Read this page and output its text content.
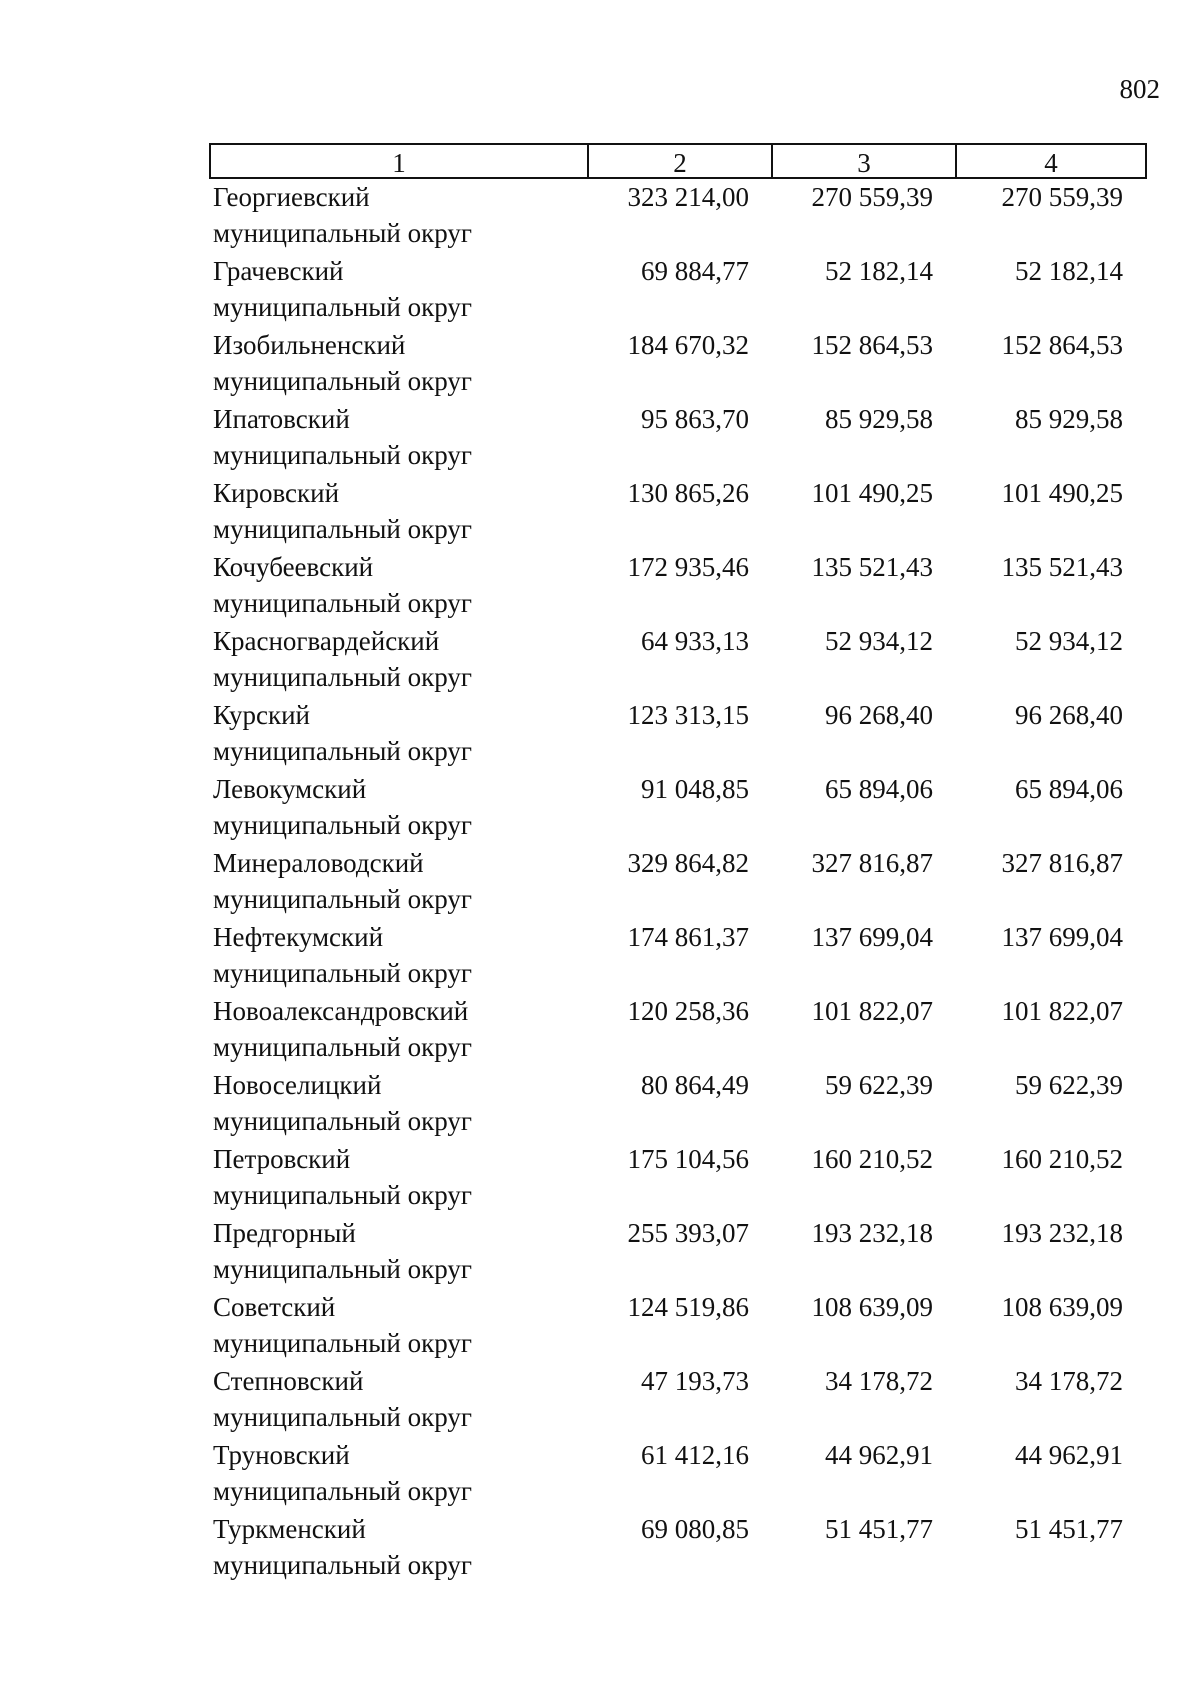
802
1	2	3	4
Георгиевский
муниципальный округ
323 214,00	270 559,39	270 559,39
Грачевский
муниципальный округ
69 884,77	52 182,14	52 182,14
Изобильненский
муниципальный округ
184 670,32	152 864,53	152 864,53
Ипатовский
муниципальный округ
95 863,70	85 929,58	85 929,58
Кировский
муниципальный округ
130 865,26	101 490,25	101 490,25
Кочубеевский
муниципальный округ
172 935,46	135 521,43	135 521,43
Красногвардейский
муниципальный округ
64 933,13	52 934,12	52 934,12
Курский
муниципальный округ
123 313,15	96 268,40	96 268,40
Левокумский
муниципальный округ
91 048,85	65 894,06	65 894,06
Минераловодский
муниципальный округ
329 864,82	327 816,87	327 816,87
Нефтекумский
муниципальный округ
174 861,37	137 699,04	137 699,04
Новоалександровский
муниципальный округ
120 258,36	101 822,07	101 822,07
Новоселицкий
муниципальный округ
80 864,49	59 622,39	59 622,39
Петровский
муниципальный округ
175 104,56	160 210,52	160 210,52
Предгорный
муниципальный округ
255 393,07	193 232,18	193 232,18
Советский
муниципальный округ
124 519,86	108 639,09	108 639,09
Степновский
муниципальный округ
47 193,73	34 178,72	34 178,72
Труновский
муниципальный округ
61 412,16	44 962,91	44 962,91
Туркменский
муниципальный округ
69 080,85	51 451,77	51 451,77
